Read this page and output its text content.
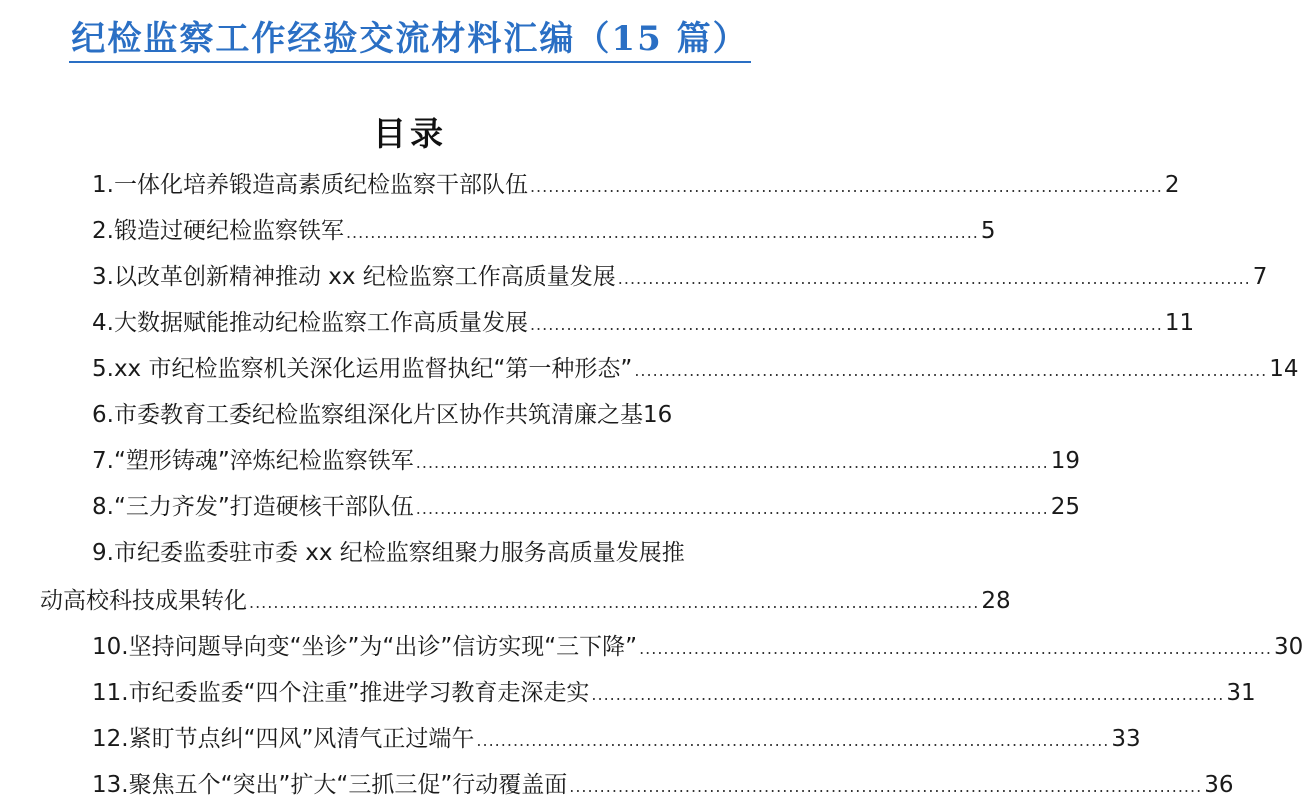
纪检监察工作经验交流材料汇编（15 篇）
目录
1.一体化培养锻造高素质纪检监察干部队伍 ........................................................................................................ 2
2.锻造过硬纪检监察铁军 ........................................................................................................ 5
3.以改革创新精神推动 xx 纪检监察工作高质量发展 ........................................................................................................ 7
4.大数据赋能推动纪检监察工作高质量发展 ........................................................................................................ 11
5.xx 市纪检监察机关深化运用监督执纪“第一种形态” ........................................................................................................ 14
6.市委教育工委纪检监察组深化片区协作共筑清廉之基 16
7.“塑形铸魂”淬炼纪检监察铁军 ........................................................................................................ 19
8.“三力齐发”打造硬核干部队伍 ........................................................................................................ 25
9.市纪委监委驻市委 xx 纪检监察组聚力服务高质量发展推
动高校科技成果转化 ........................................................................................................................ 28
10.坚持问题导向变“坐诊”为“出诊”信访实现“三下降” ........................................................................................................ 30
11.市纪委监委“四个注重”推进学习教育走深走实 ........................................................................................................ 31
12.紧盯节点纠“四风”风清气正过端午 ........................................................................................................ 33
13.聚焦五个“突出”扩大“三抓三促”行动覆盖面 ........................................................................................................ 36
